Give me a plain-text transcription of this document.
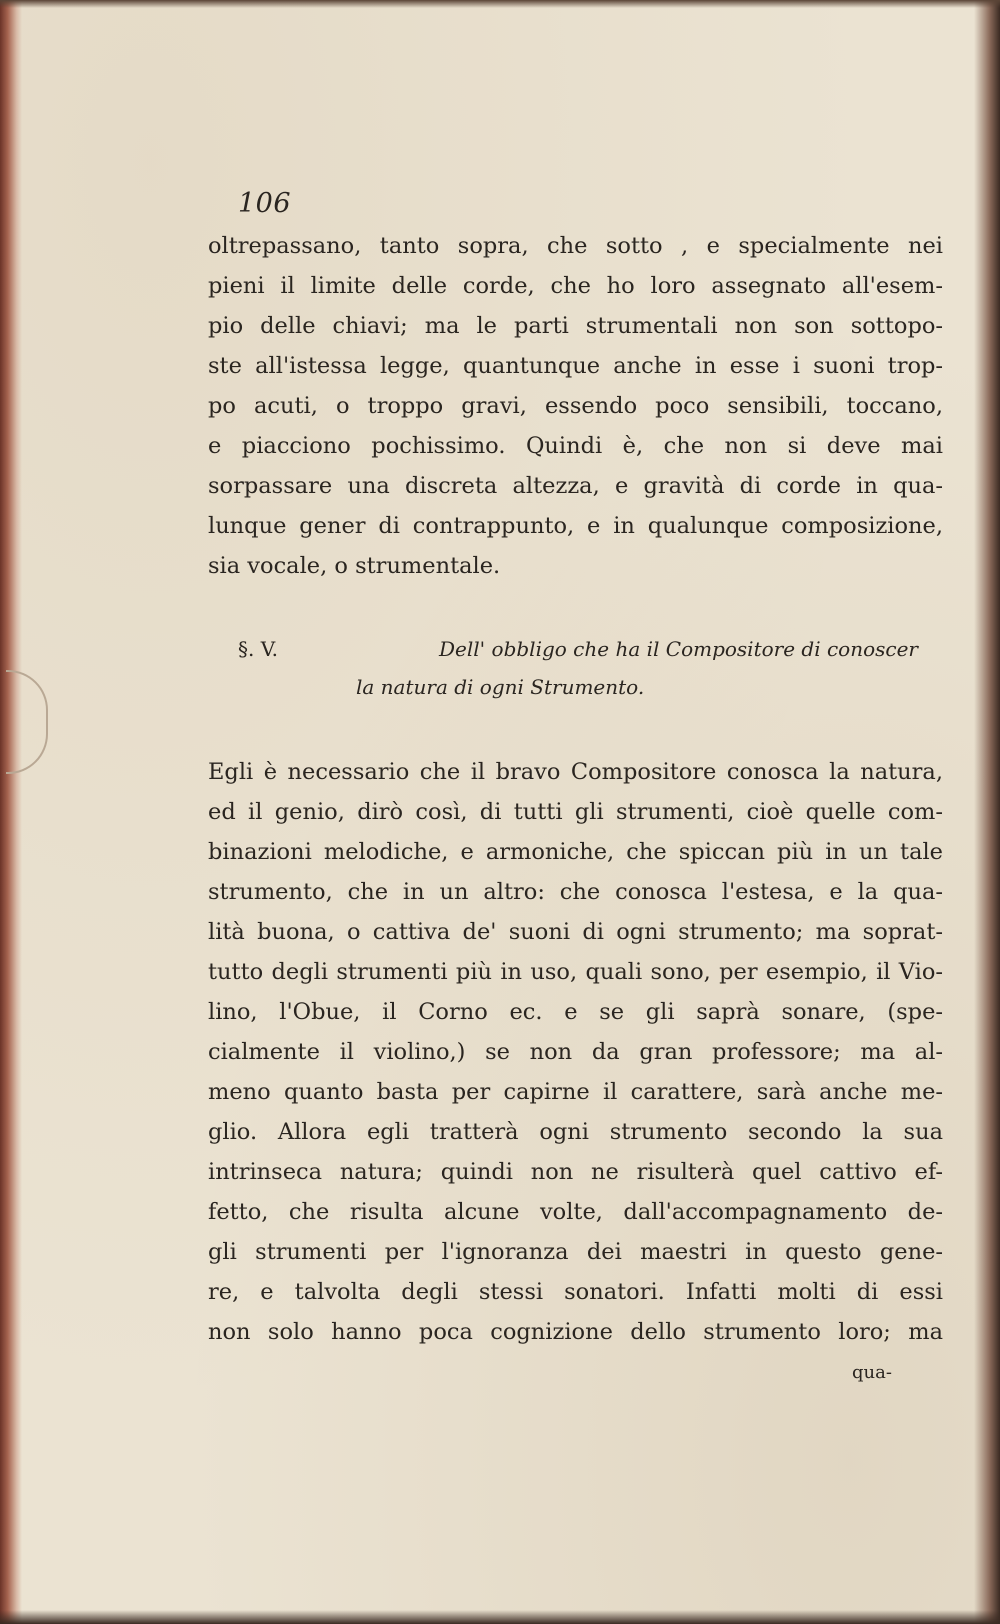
106
oltrepassano, tanto sopra, che sotto , e specialmente nei
pieni il limite delle corde, che ho loro assegnato all'esem-
pio delle chiavi; ma le parti strumentali non son sottopo-
ste all'istessa legge, quantunque anche in esse i suoni trop-
po acuti, o troppo gravi, essendo poco sensibili, toccano,
e piacciono pochissimo. Quindi è, che non si deve mai
sorpassare una discreta altezza, e gravità di corde in qua-
lunque gener di contrappunto, e in qualunque composizione,
sia vocale, o strumentale.
§. V.	Dell' obbligo che ha il Compositore di conoscer
la natura di ogni Strumento.
Egli è necessario che il bravo Compositore conosca la natura,
ed il genio, dirò così, di tutti gli strumenti, cioè quelle com-
binazioni melodiche, e armoniche, che spiccan più in un tale
strumento, che in un altro: che conosca l'estesa, e la qua-
lità buona, o cattiva de' suoni di ogni strumento; ma soprat-
tutto degli strumenti più in uso, quali sono, per esempio, il Vio-
lino, l'Obue, il Corno ec. e se gli saprà sonare, (spe-
cialmente il violino,) se non da gran professore; ma al-
meno quanto basta per capirne il carattere, sarà anche me-
glio. Allora egli tratterà ogni strumento secondo la sua
intrinseca natura; quindi non ne risulterà quel cattivo ef-
fetto, che risulta alcune volte, dall'accompagnamento de-
gli strumenti per l'ignoranza dei maestri in questo gene-
re, e talvolta degli stessi sonatori. Infatti molti di essi
non solo hanno poca cognizione dello strumento loro; ma
qua-
